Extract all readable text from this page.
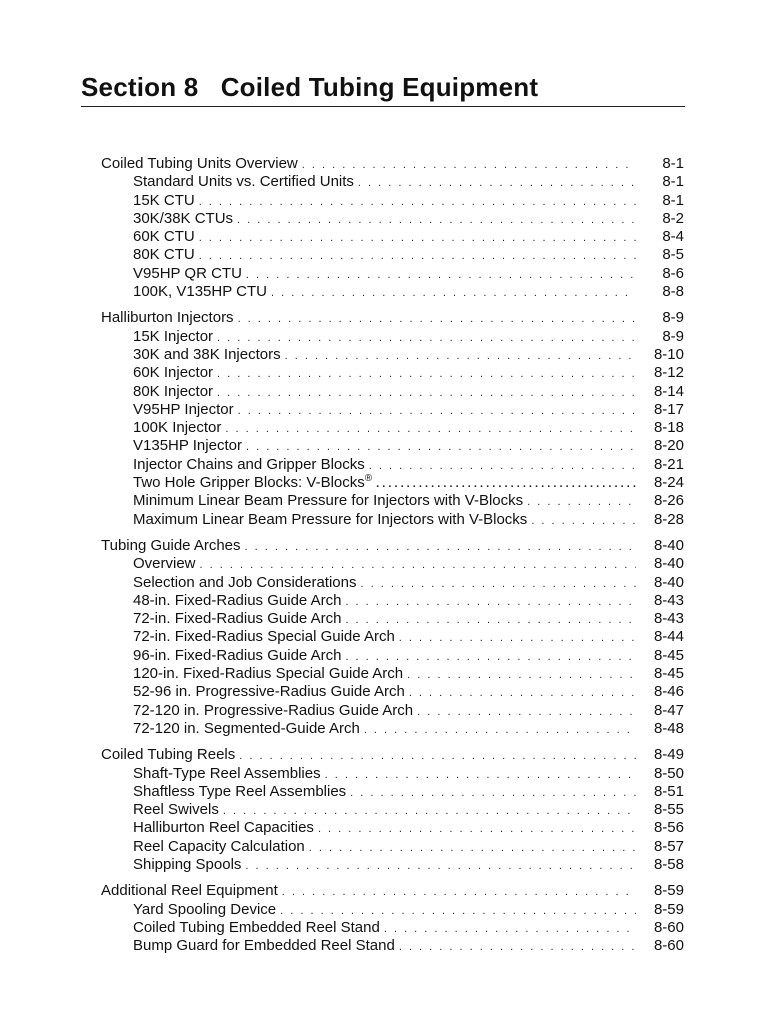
Section 8 Coiled Tubing Equipment
Coiled Tubing Units Overview . . .	8-1
Standard Units vs. Certified Units . . .	8-1
15K CTU . . .	8-1
30K/38K CTUs . . .	8-2
60K CTU . . .	8-4
80K CTU . . .	8-5
V95HP QR CTU . . .	8-6
100K, V135HP CTU . . .	8-8
Halliburton Injectors . . .	8-9
15K Injector . . .	8-9
30K and 38K Injectors . . .	8-10
60K Injector . . .	8-12
80K Injector . . .	8-14
V95HP Injector . . .	8-17
100K Injector . . .	8-18
V135HP Injector . . .	8-20
Injector Chains and Gripper Blocks . . .	8-21
Two Hole Gripper Blocks: V-Blocks® . . .	8-24
Minimum Linear Beam Pressure for Injectors with V-Blocks . . .	8-26
Maximum Linear Beam Pressure for Injectors with V-Blocks . . .	8-28
Tubing Guide Arches . . .	8-40
Overview . . .	8-40
Selection and Job Considerations . . .	8-40
48-in. Fixed-Radius Guide Arch . . .	8-43
72-in. Fixed-Radius Guide Arch . . .	8-43
72-in. Fixed-Radius Special Guide Arch . . .	8-44
96-in. Fixed-Radius Guide Arch . . .	8-45
120-in. Fixed-Radius Special Guide Arch . . .	8-45
52-96 in. Progressive-Radius Guide Arch . . .	8-46
72-120 in. Progressive-Radius Guide Arch . . .	8-47
72-120 in. Segmented-Guide Arch . . .	8-48
Coiled Tubing Reels . . .	8-49
Shaft-Type Reel Assemblies . . .	8-50
Shaftless Type Reel Assemblies . . .	8-51
Reel Swivels . . .	8-55
Halliburton Reel Capacities . . .	8-56
Reel Capacity Calculation . . .	8-57
Shipping Spools . . .	8-58
Additional Reel Equipment . . .	8-59
Yard Spooling Device . . .	8-59
Coiled Tubing Embedded Reel Stand . . .	8-60
Bump Guard for Embedded Reel Stand . . .	8-60
